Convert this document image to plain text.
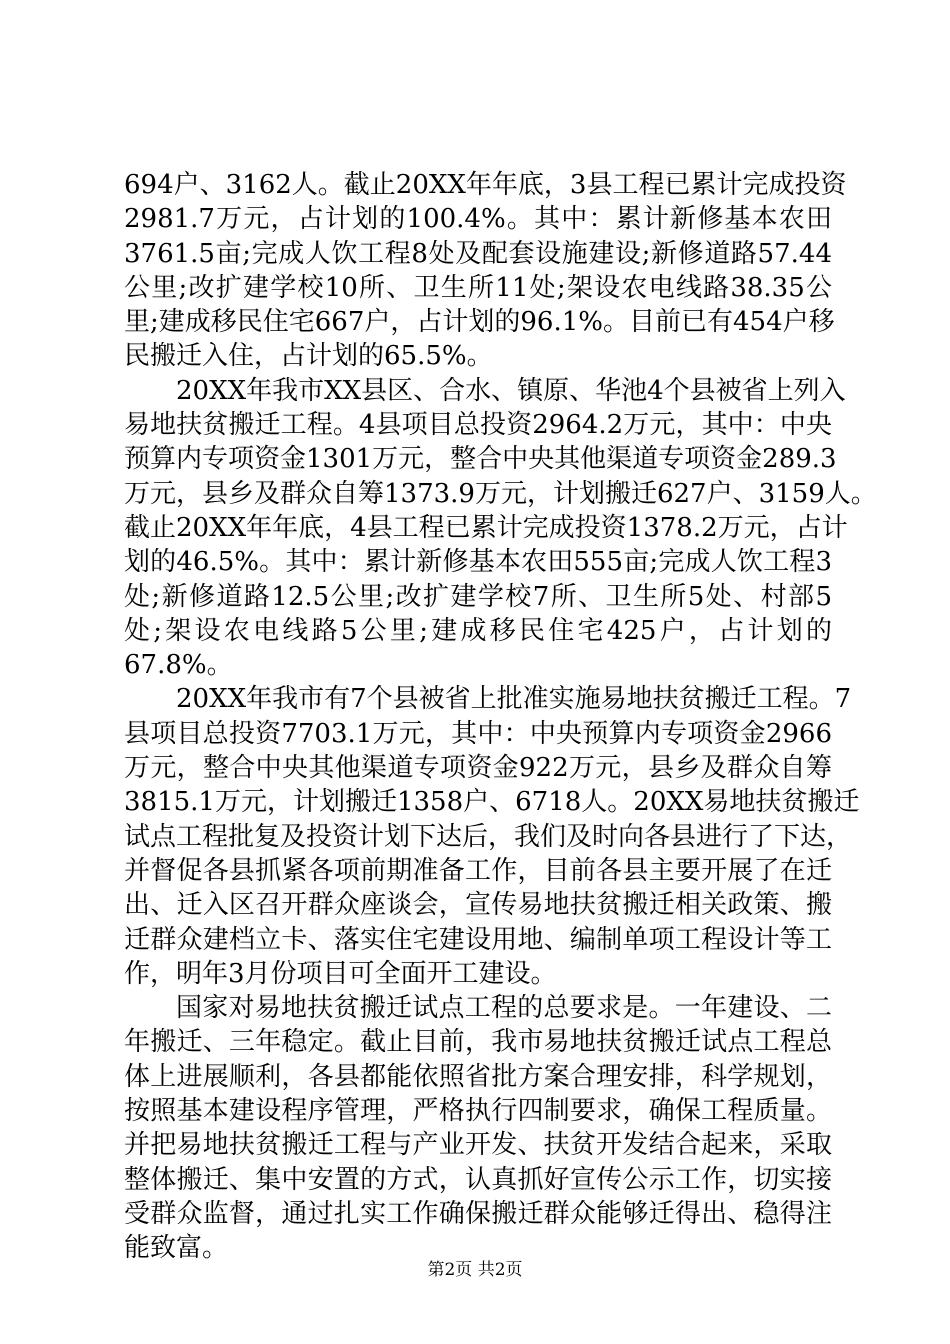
694户、3162人。截止20XX年年底，3县工程已累计完成投资
2981.7万元，占计划的100.4%。其中：累计新修基本农田
3761.5亩;完成人饮工程8处及配套设施建设;新修道路57.44
公里;改扩建学校10所、卫生所11处;架设农电线路38.35公
里;建成移民住宅667户，占计划的96.1%。目前已有454户移
民搬迁入住，占计划的65.5%。
20XX年我市XX县区、合水、镇原、华池4个县被省上列入
易地扶贫搬迁工程。4县项目总投资2964.2万元，其中：中央
预算内专项资金1301万元，整合中央其他渠道专项资金289.3
万元，县乡及群众自筹1373.9万元，计划搬迁627户、3159人。
截止20XX年年底，4县工程已累计完成投资1378.2万元，占计
划的46.5%。其中：累计新修基本农田555亩;完成人饮工程3
处;新修道路12.5公里;改扩建学校7所、卫生所5处、村部5
处;架设农电线路5公里;建成移民住宅425户，占计划的
67.8%。
20XX年我市有7个县被省上批准实施易地扶贫搬迁工程。7
县项目总投资7703.1万元，其中：中央预算内专项资金2966
万元，整合中央其他渠道专项资金922万元，县乡及群众自筹
3815.1万元，计划搬迁1358户、6718人。20XX易地扶贫搬迁
试点工程批复及投资计划下达后，我们及时向各县进行了下达，
并督促各县抓紧各项前期准备工作，目前各县主要开展了在迁
出、迁入区召开群众座谈会，宣传易地扶贫搬迁相关政策、搬
迁群众建档立卡、落实住宅建设用地、编制单项工程设计等工
作，明年3月份项目可全面开工建设。
国家对易地扶贫搬迁试点工程的总要求是。一年建设、二
年搬迁、三年稳定。截止目前，我市易地扶贫搬迁试点工程总
体上进展顺利，各县都能依照省批方案合理安排，科学规划，
按照基本建设程序管理，严格执行四制要求，确保工程质量。
并把易地扶贫搬迁工程与产业开发、扶贫开发结合起来，采取
整体搬迁、集中安置的方式，认真抓好宣传公示工作，切实接
受群众监督，通过扎实工作确保搬迁群众能够迁得出、稳得注
能致富。
第2页 共2页
